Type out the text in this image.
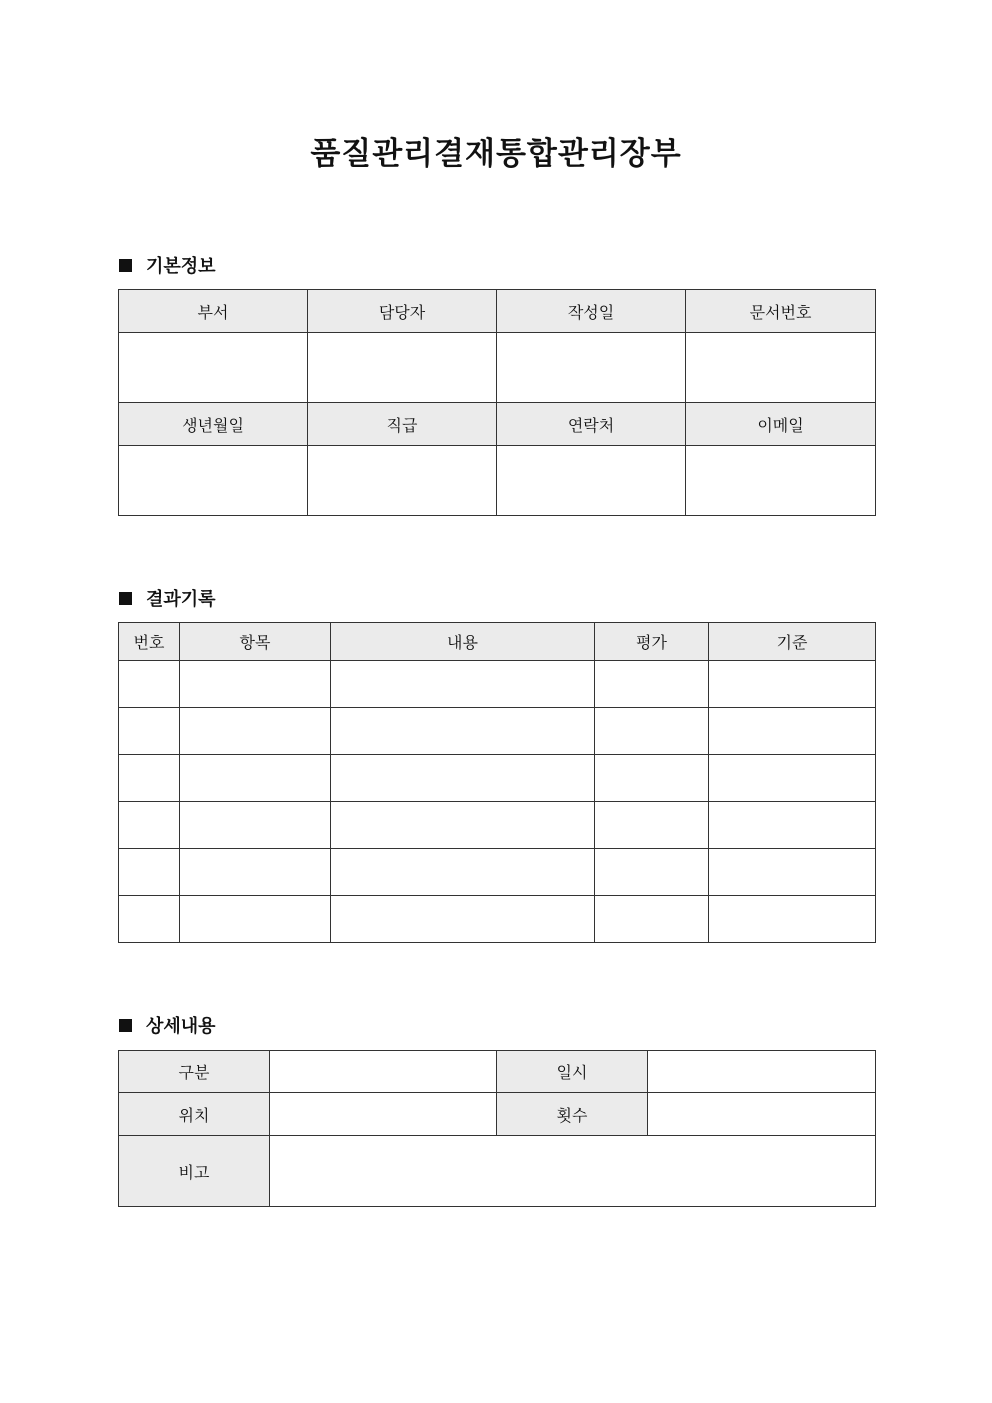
품질관리결재통합관리장부
기본정보
부서	담당자	작성일	문서번호

생년월일	직급	연락처	이메일

결과기록
번호	항목	내용	평가	기준

상세내용
구분		일시	
위치		횟수	
비고			
